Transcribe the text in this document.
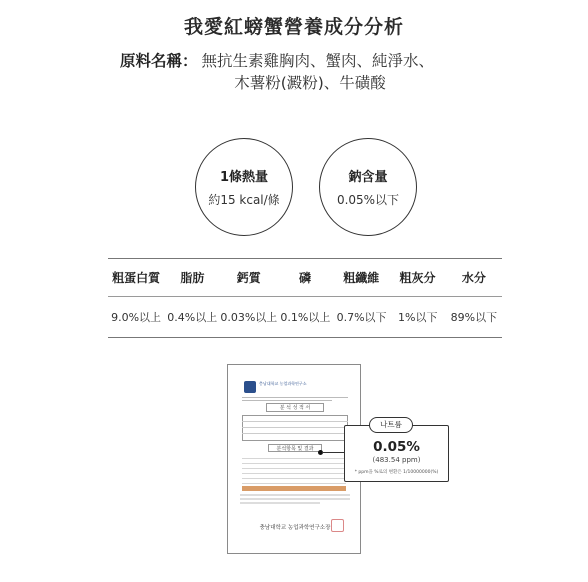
我愛紅螃蟹營養成分分析
原料名稱： 無抗生素雞胸肉、蟹肉、純淨水、
木薯粉(澱粉)、牛磺酸
1條熱量
約15 kcal/條
鈉含量
0.05%以下
粗蛋白質	脂肪	鈣質	磷	粗纖維	粗灰分	水分
9.0%以上 0.4%以上 0.03%以上 0.1%以上 0.7%以下	1%以下	89%以下
충남대학교 농업과학연구소
분 석 성 적 서
분석항목 및 결과
충남대학교 농업과학연구소장
0.05%
(483.54 ppm)
* ppm을 %로의 변환은 1/10000000(%)
나트륨
